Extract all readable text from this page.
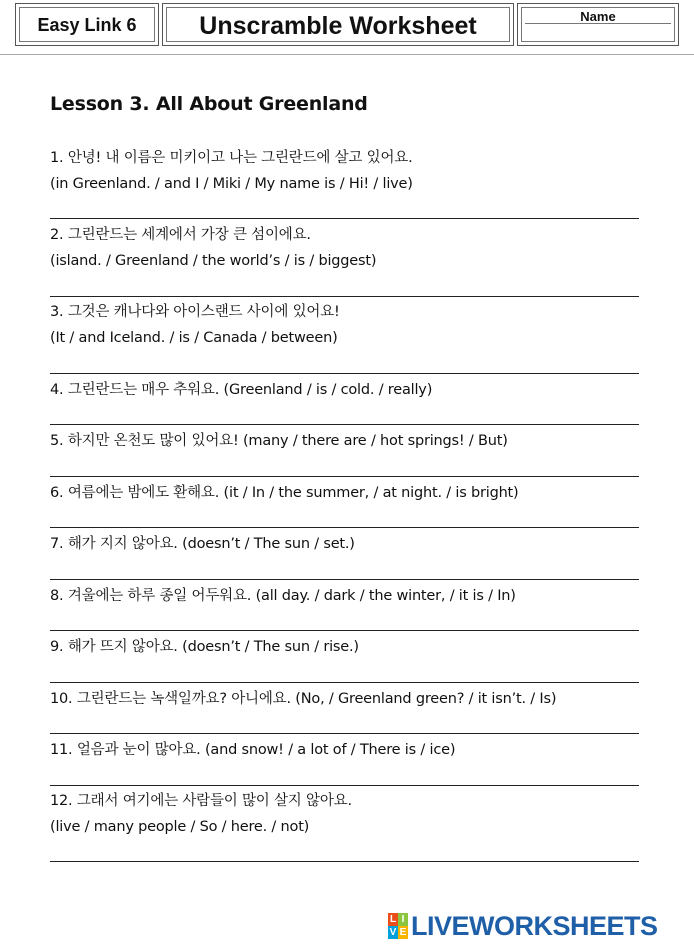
Easy Link 6	Unscramble Worksheet	Name
Lesson 3. All About Greenland
1. 안녕! 내 이름은 미키이고 나는 그린란드에 살고 있어요.
(in Greenland. / and I / Miki / My name is / Hi! / live)
2. 그린란드는 세계에서 가장 큰 섬이에요.
(island. / Greenland / the world’s / is / biggest)
3. 그것은 캐나다와 아이스랜드 사이에 있어요!
(It / and Iceland. / is / Canada / between)
4. 그린란드는 매우 추워요. (Greenland / is / cold. / really)
5. 하지만 온천도 많이 있어요! (many / there are / hot springs! / But)
6. 여름에는 밤에도 환해요. (it / In / the summer, / at night. / is bright)
7. 해가 지지 않아요. (doesn’t / The sun / set.)
8. 겨울에는 하루 종일 어두워요. (all day. / dark / the winter, / it is / In)
9. 해가 뜨지 않아요. (doesn’t / The sun / rise.)
10. 그린란드는 녹색일까요? 아니에요. (No, / Greenland green? / it isn’t. / Is)
11. 얼음과 눈이 많아요. (and snow! / a lot of / There is / ice)
12. 그래서 여기에는 사람들이 많이 살지 않아요.
(live / many people / So / here. / not)
L I
V E LIVEWORKSHEETS
